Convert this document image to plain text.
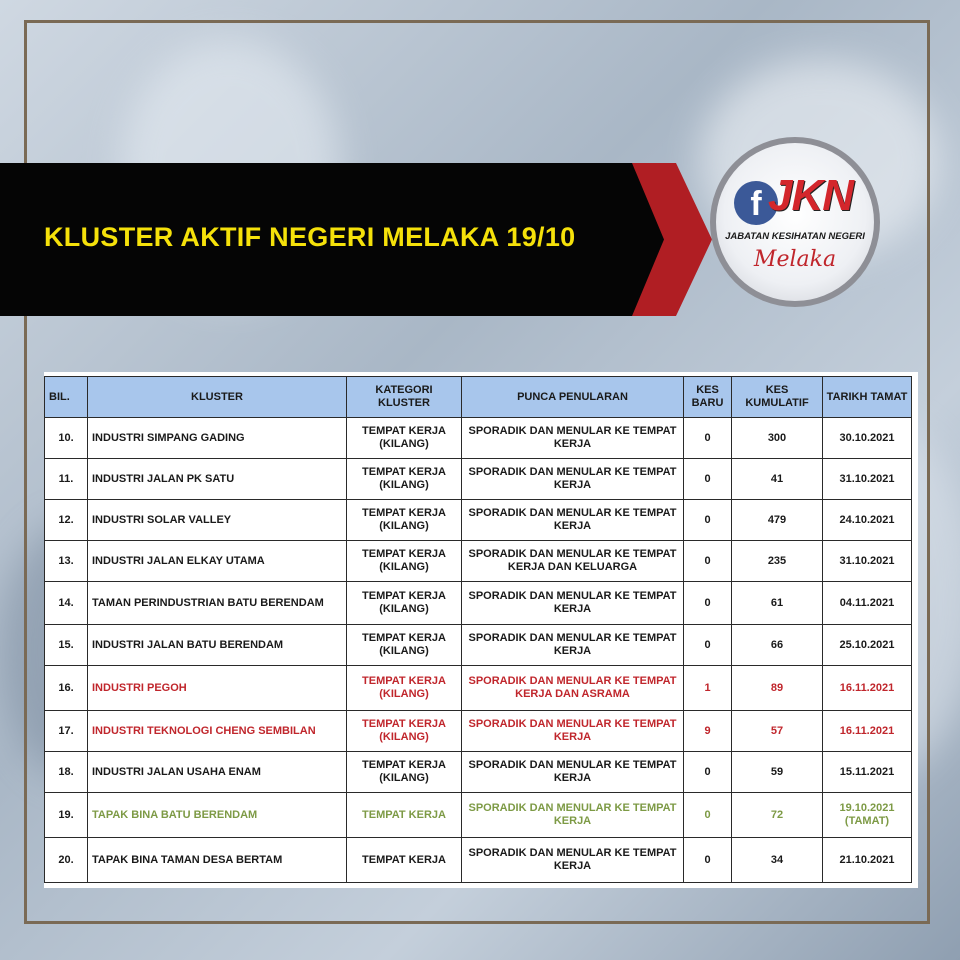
KLUSTER AKTIF NEGERI MELAKA 19/10
f JKN
JABATAN KESIHATAN NEGERI
Melaka
BIL.	KLUSTER	KATEGORI KLUSTER	PUNCA PENULARAN	KES BARU	KES KUMULATIF	TARIKH TAMAT
10.	INDUSTRI SIMPANG GADING	TEMPAT KERJA (KILANG)	SPORADIK DAN MENULAR KE TEMPAT KERJA	0	300	30.10.2021
11.	INDUSTRI JALAN PK SATU	TEMPAT KERJA (KILANG)	SPORADIK DAN MENULAR KE TEMPAT KERJA	0	41	31.10.2021
12.	INDUSTRI SOLAR VALLEY	TEMPAT KERJA (KILANG)	SPORADIK DAN MENULAR KE TEMPAT KERJA	0	479	24.10.2021
13.	INDUSTRI JALAN ELKAY UTAMA	TEMPAT KERJA (KILANG)	SPORADIK DAN MENULAR KE TEMPAT KERJA DAN KELUARGA	0	235	31.10.2021
14.	TAMAN PERINDUSTRIAN BATU BERENDAM	TEMPAT KERJA (KILANG)	SPORADIK DAN MENULAR KE TEMPAT KERJA	0	61	04.11.2021
15.	INDUSTRI JALAN BATU BERENDAM	TEMPAT KERJA (KILANG)	SPORADIK DAN MENULAR KE TEMPAT KERJA	0	66	25.10.2021
16.	INDUSTRI PEGOH	TEMPAT KERJA (KILANG)	SPORADIK DAN MENULAR KE TEMPAT KERJA DAN ASRAMA	1	89	16.11.2021
17.	INDUSTRI TEKNOLOGI CHENG SEMBILAN	TEMPAT KERJA (KILANG)	SPORADIK DAN MENULAR KE TEMPAT KERJA	9	57	16.11.2021
18.	INDUSTRI JALAN USAHA ENAM	TEMPAT KERJA (KILANG)	SPORADIK DAN MENULAR KE TEMPAT KERJA	0	59	15.11.2021
19.	TAPAK BINA BATU BERENDAM	TEMPAT KERJA	SPORADIK DAN MENULAR KE TEMPAT KERJA	0	72	19.10.2021 (TAMAT)
20.	TAPAK BINA TAMAN DESA BERTAM	TEMPAT KERJA	SPORADIK DAN MENULAR KE TEMPAT KERJA	0	34	21.10.2021
